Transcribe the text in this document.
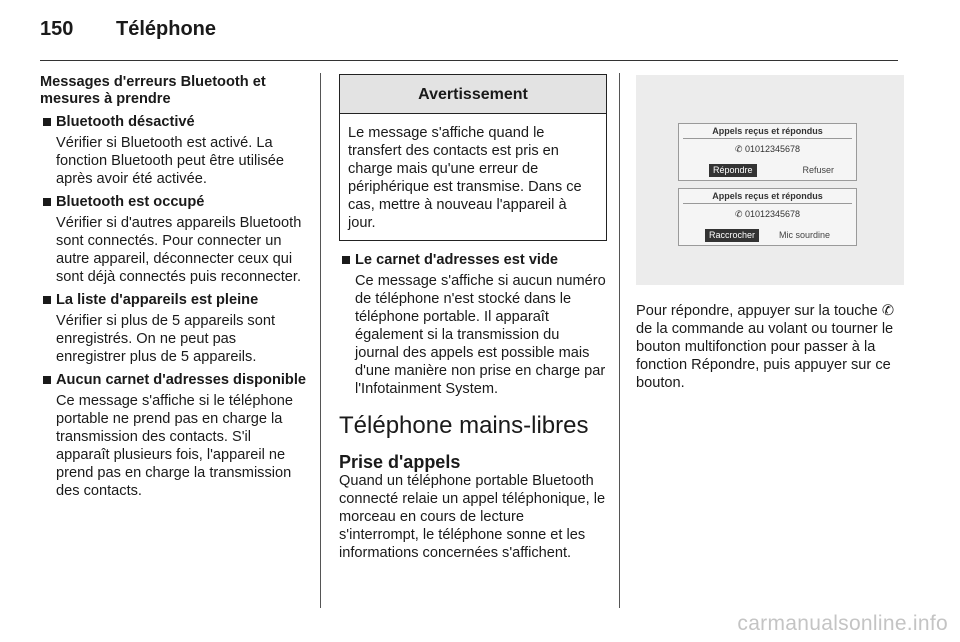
150 Téléphone
Messages d'erreurs Bluetooth et mesures à prendre
Bluetooth désactivé
Vérifier si Bluetooth est activé. La fonction Bluetooth peut être utilisée après avoir été activée.
Bluetooth est occupé
Vérifier si d'autres appareils Bluetooth sont connectés. Pour connecter un autre appareil, déconnecter ceux qui sont déjà connectés puis reconnecter.
La liste d'appareils est pleine
Vérifier si plus de 5 appareils sont enregistrés. On ne peut pas enregistrer plus de 5 appareils.
Aucun carnet d'adresses disponible
Ce message s'affiche si le téléphone portable ne prend pas en charge la transmission des contacts. S'il apparaît plusieurs fois, l'appareil ne prend pas en charge la transmission des contacts.
Avertissement
Le message s'affiche quand le transfert des contacts est pris en charge mais qu'une erreur de périphérique est transmise. Dans ce cas, mettre à nouveau l'appareil à jour.
Le carnet d'adresses est vide
Ce message s'affiche si aucun numéro de téléphone n'est stocké dans le téléphone portable. Il apparaît également si la transmission du journal des appels est possible mais d'une manière non prise en charge par l'Infotainment System.
Téléphone mains-libres
Prise d'appels
Quand un téléphone portable Bluetooth connecté relaie un appel téléphonique, le morceau en cours de lecture s'interrompt, le téléphone sonne et les informations concernées s'affichent.
Appels reçus et répondus
✆ 01012345678
Répondre	Refuser
Appels reçus et répondus
✆ 01012345678
Raccrocher	Mic sourdine
Pour répondre, appuyer sur la touche ✆ de la commande au volant ou tourner le bouton multifonction pour passer à la fonction Répondre, puis appuyer sur ce bouton.
carmanualsonline.info
